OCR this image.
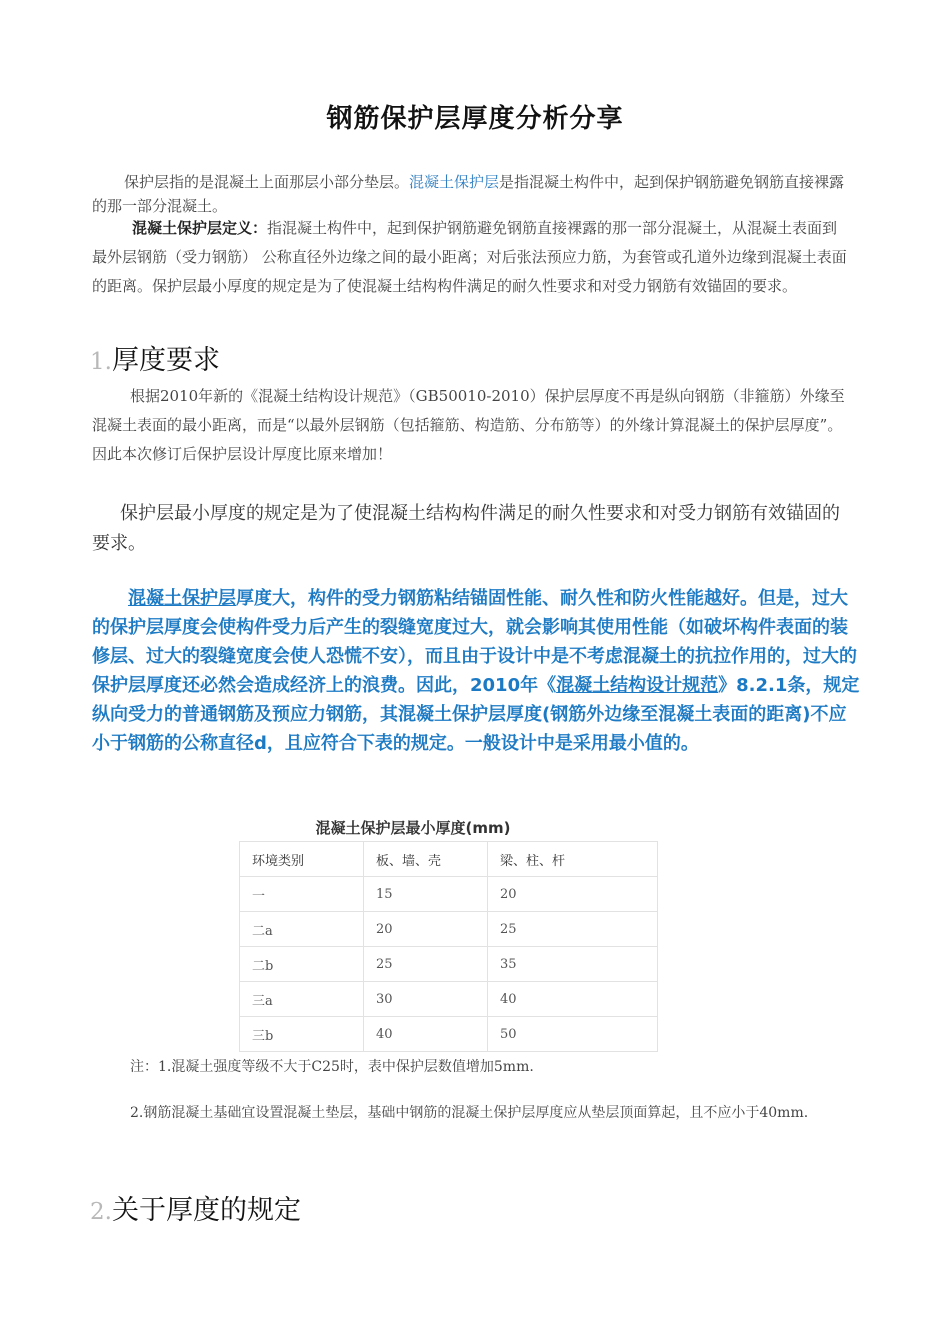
钢筋保护层厚度分析分享

保护层指的是混凝土上面那层小部分垫层。混凝土保护层是指混凝土构件中，起到保护钢筋避免钢筋直接裸露的那一部分混凝土。

混凝土保护层定义：指混凝土构件中，起到保护钢筋避免钢筋直接裸露的那一部分混凝土，从混凝土表面到最外层钢筋（受力钢筋） 公称直径外边缘之间的最小距离；对后张法预应力筋，为套管或孔道外边缘到混凝土表面的距离。保护层最小厚度的规定是为了使混凝土结构构件满足的耐久性要求和对受力钢筋有效锚固的要求。

1.厚度要求

根据2010年新的《混凝土结构设计规范》（GB50010-2010）保护层厚度不再是纵向钢筋（非箍筋）外缘至混凝土表面的最小距离，而是“以最外层钢筋（包括箍筋、构造筋、分布筋等）的外缘计算混凝土的保护层厚度”。因此本次修订后保护层设计厚度比原来增加！

保护层最小厚度的规定是为了使混凝土结构构件满足的耐久性要求和对受力钢筋有效锚固的要求。

混凝土保护层厚度大，构件的受力钢筋粘结锚固性能、耐久性和防火性能越好。但是，过大的保护层厚度会使构件受力后产生的裂缝宽度过大，就会影响其使用性能（如破坏构件表面的装修层、过大的裂缝宽度会使人恐慌不安），而且由于设计中是不考虑混凝土的抗拉作用的，过大的保护层厚度还必然会造成经济上的浪费。因此，2010年《混凝土结构设计规范》8.2.1条，规定纵向受力的普通钢筋及预应力钢筋，其混凝土保护层厚度(钢筋外边缘至混凝土表面的距离)不应小于钢筋的公称直径d，且应符合下表的规定。一般设计中是采用最小值的。

混凝土保护层最小厚度(mm)
环境类别	板、墙、壳	梁、柱、杆
一	15	20
二a	20	25
二b	25	35
三a	30	40
三b	40	50

注：1.混凝土强度等级不大于C25时，表中保护层数值增加5mm.

2.钢筋混凝土基础宜设置混凝土垫层，基础中钢筋的混凝土保护层厚度应从垫层顶面算起，且不应小于40mm.

2.关于厚度的规定
